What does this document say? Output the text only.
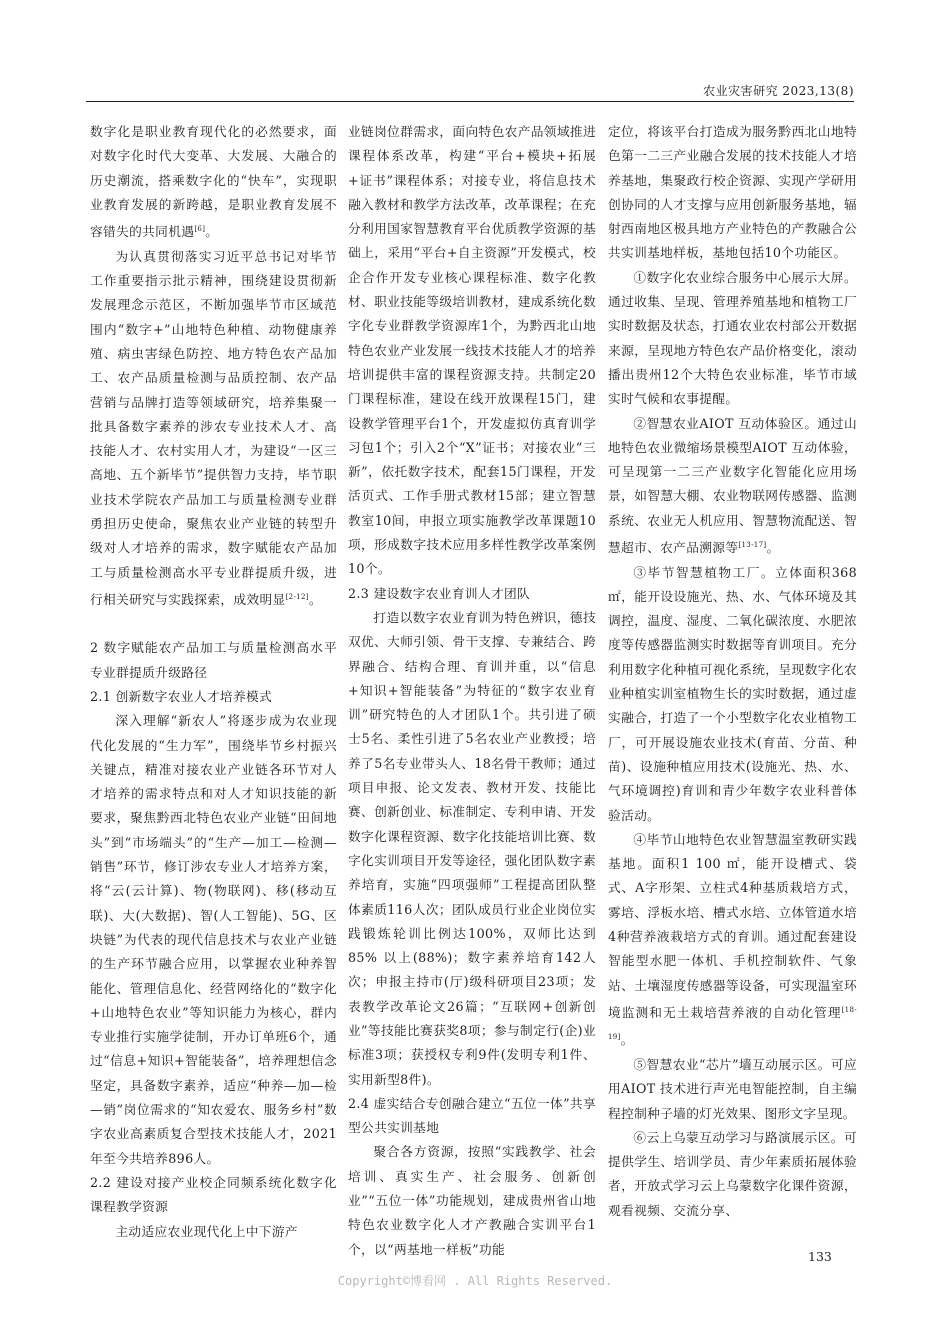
农业灾害研究 2023,13(8)

数字化是职业教育现代化的必然要求，面对数字化时代大变革、大发展、大融合的历史潮流，搭乘数字化的“快车”，实现职业教育发展的新跨越，是职业教育发展不容错失的共同机遇[6]。

为认真贯彻落实习近平总书记对毕节工作重要指示批示精神，围绕建设贯彻新发展理念示范区，不断加强毕节市区域范围内“数字+”山地特色种植、动物健康养殖、病虫害绿色防控、地方特色农产品加工、农产品质量检测与品质控制、农产品营销与品牌打造等领域研究，培养集聚一批具备数字素养的涉农专业技术人才、高技能人才、农村实用人才，为建设“一区三高地、五个新毕节”提供智力支持，毕节职业技术学院农产品加工与质量检测专业群勇担历史使命，聚焦农业产业链的转型升级对人才培养的需求，数字赋能农产品加工与质量检测高水平专业群提质升级，进行相关研究与实践探索，成效明显[2-12]。

2 数字赋能农产品加工与质量检测高水平专业群提质升级路径

2.1 创新数字农业人才培养模式

深入理解“新农人”将逐步成为农业现代化发展的“生力军”，围绕毕节乡村振兴关键点，精准对接农业产业链各环节对人才培养的需求特点和对人才知识技能的新要求，聚焦黔西北特色农业产业链“田间地头”到“市场端头”的“生产—加工—检测—销售”环节，修订涉农专业人才培养方案，将“云(云计算)、物(物联网)、移(移动互联)、大(大数据)、智(人工智能)、5G、区块链”为代表的现代信息技术与农业产业链的生产环节融合应用，以掌握农业种养智能化、管理信息化、经营网络化的“数字化+山地特色农业”等知识能力为核心，群内专业推行实施学徒制，开办订单班6个，通过“信息+知识+智能装备”，培养理想信念坚定，具备数字素养，适应“种养—加—检—销”岗位需求的“知农爱农、服务乡村”数字农业高素质复合型技术技能人才，2021年至今共培养896人。

2.2 建设对接产业校企同频系统化数字化课程教学资源

主动适应农业现代化上中下游产

业链岗位群需求，面向特色农产品领域推进课程体系改革，构建“平台+模块+拓展+证书”课程体系；对接专业，将信息技术融入教材和教学方法改革，改革课程；在充分利用国家智慧教育平台优质教学资源的基础上，采用“平台+自主资源”开发模式，校企合作开发专业核心课程标准、数字化教材、职业技能等级培训教材，建成系统化数字化专业群教学资源库1个，为黔西北山地特色农业产业发展一线技术技能人才的培养培训提供丰富的课程资源支持。共制定20门课程标准，建设在线开放课程15门，建设教学管理平台1个，开发虚拟仿真育训学习包1个；引入2个“X”证书；对接农业“三新”，依托数字技术，配套15门课程，开发活页式、工作手册式教材15部；建立智慧教室10间，申报立项实施教学改革课题10项，形成数字技术应用多样性教学改革案例10个。

2.3 建设数字农业育训人才团队

打造以数字农业育训为特色辨识，德技双优、大师引领、骨干支撑、专兼结合、跨界融合、结构合理、育训并重，以“信息+知识+智能装备”为特征的“数字农业育训”研究特色的人才团队1个。共引进了硕士5名、柔性引进了5名农业产业教授；培养了5名专业带头人、18名骨干教师；通过项目申报、论文发表、教材开发、技能比赛、创新创业、标准制定、专利申请、开发数字化课程资源、数字化技能培训比赛、数字化实训项目开发等途径，强化团队数字素养培育，实施“四项强师”工程提高团队整体素质116人次；团队成员行业企业岗位实践锻炼轮训比例达100%，双师比达到85% 以上(88%)；数字素养培育142人次；申报主持市(厅)级科研项目23项；发表教学改革论文26篇；“互联网+创新创业”等技能比赛获奖8项；参与制定行(企)业标准3项；获授权专利9件(发明专利1件、实用新型8件)。

2.4 虚实结合专创融合建立“五位一体”共享型公共实训基地

聚合各方资源，按照“实践教学、社会培训、真实生产、社会服务、创新创业”“五位一体”功能规划，建成贵州省山地特色农业数字化人才产教融合实训平台1个，以“两基地一样板”功能

定位，将该平台打造成为服务黔西北山地特色第一二三产业融合发展的技术技能人才培养基地，集聚政行校企资源、实现产学研用创协同的人才支撑与应用创新服务基地，辐射西南地区极具地方产业特色的产教融合公共实训基地样板，基地包括10个功能区。

①数字化农业综合服务中心展示大屏。通过收集、呈现、管理养殖基地和植物工厂实时数据及状态，打通农业农村部公开数据来源，呈现地方特色农产品价格变化，滚动播出贵州12个大特色农业标准，毕节市域实时气候和农事提醒。

②智慧农业AIOT 互动体验区。通过山地特色农业微缩场景模型AIOT 互动体验，可呈现第一二三产业数字化智能化应用场景，如智慧大棚、农业物联网传感器、监测系统、农业无人机应用、智慧物流配送、智慧超市、农产品溯源等[13-17]。

③毕节智慧植物工厂。立体面积368 ㎡，能开设设施光、热、水、气体环境及其调控，温度、湿度、二氧化碳浓度、水肥浓度等传感器监测实时数据等育训项目。充分利用数字化种植可视化系统，呈现数字化农业种植实训室植物生长的实时数据，通过虚实融合，打造了一个小型数字化农业植物工厂，可开展设施农业技术(育苗、分苗、种苗)、设施种植应用技术(设施光、热、水、气环境调控)育训和青少年数字农业科普体验活动。

④毕节山地特色农业智慧温室教研实践基地。面积1 100 ㎡，能开设槽式、袋式、A字形架、立柱式4种基质栽培方式，雾培、浮板水培、槽式水培、立体管道水培4种营养液栽培方式的育训。通过配套建设智能型水肥一体机、手机控制软件、气象站、土壤湿度传感器等设备，可实现温室环境监测和无土栽培营养液的自动化管理[18-19]。

⑤智慧农业“芯片”墙互动展示区。可应用AIOT 技术进行声光电智能控制，自主编程控制种子墙的灯光效果、图形文字呈现。

⑥云上乌蒙互动学习与路演展示区。可提供学生、培训学员、青少年素质拓展体验者，开放式学习云上乌蒙数字化课件资源，观看视频、交流分享、

133
Copyright©博看网 . All Rights Reserved.
